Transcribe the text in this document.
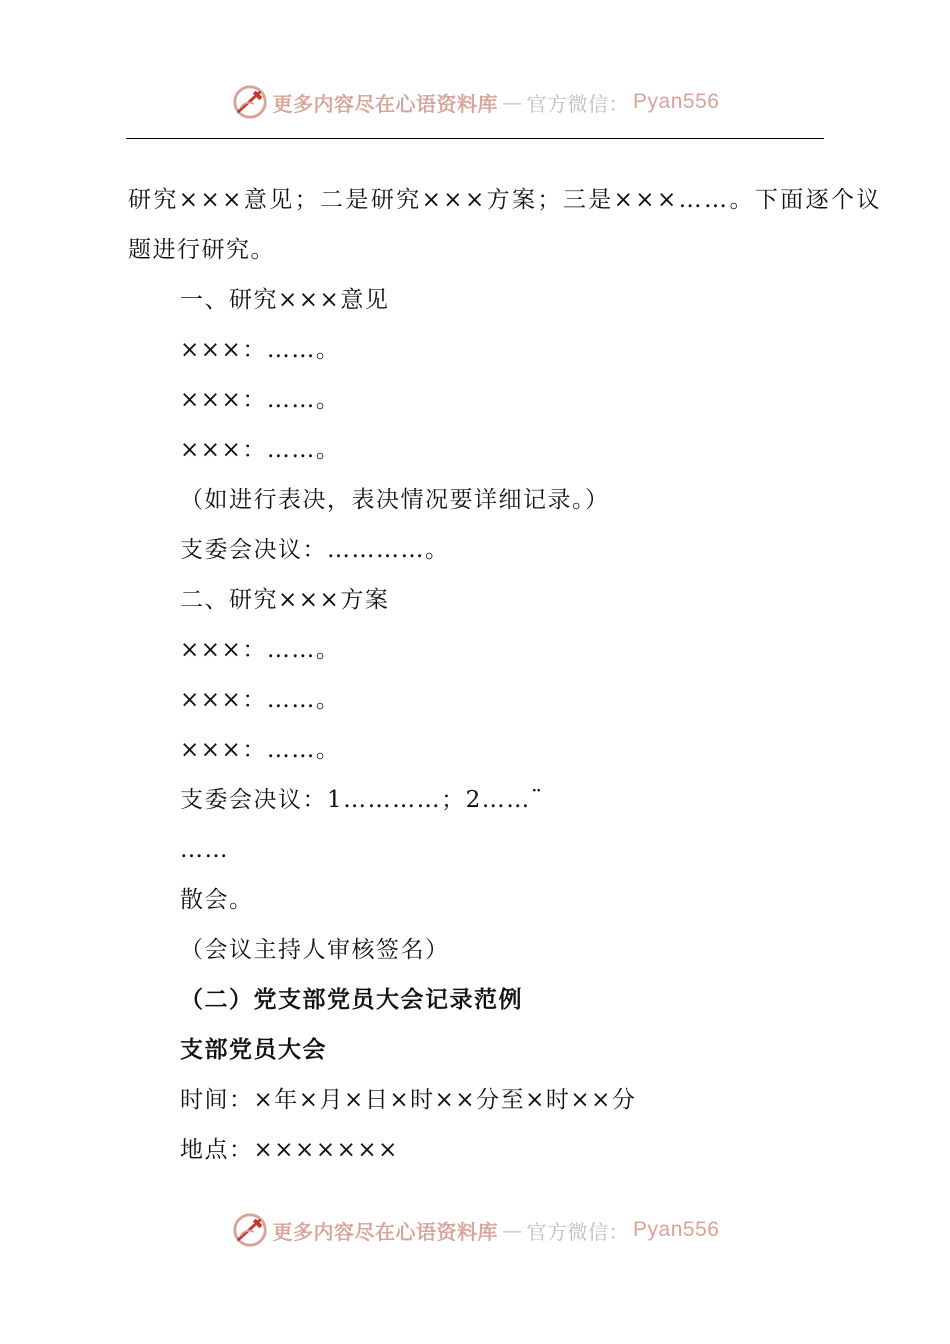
更多内容尽在心语资料库 — 官方微信： Pyan556
研究×××意见；二是研究×××方案；三是×××……。下面逐个议
题进行研究。
一、研究×××意见
×××：……。
×××：……。
×××：……。
（如进行表决，表决情况要详细记录。）
支委会决议：…………。
二、研究×××方案
×××：……。
×××：……。
×××：……。
支委会决议：1…………；2……¨
……
散会。
（会议主持人审核签名）
（二）党支部党员大会记录范例
支部党员大会
时间：×年×月×日×时××分至×时××分
地点：×××××××
更多内容尽在心语资料库 — 官方微信： Pyan556
